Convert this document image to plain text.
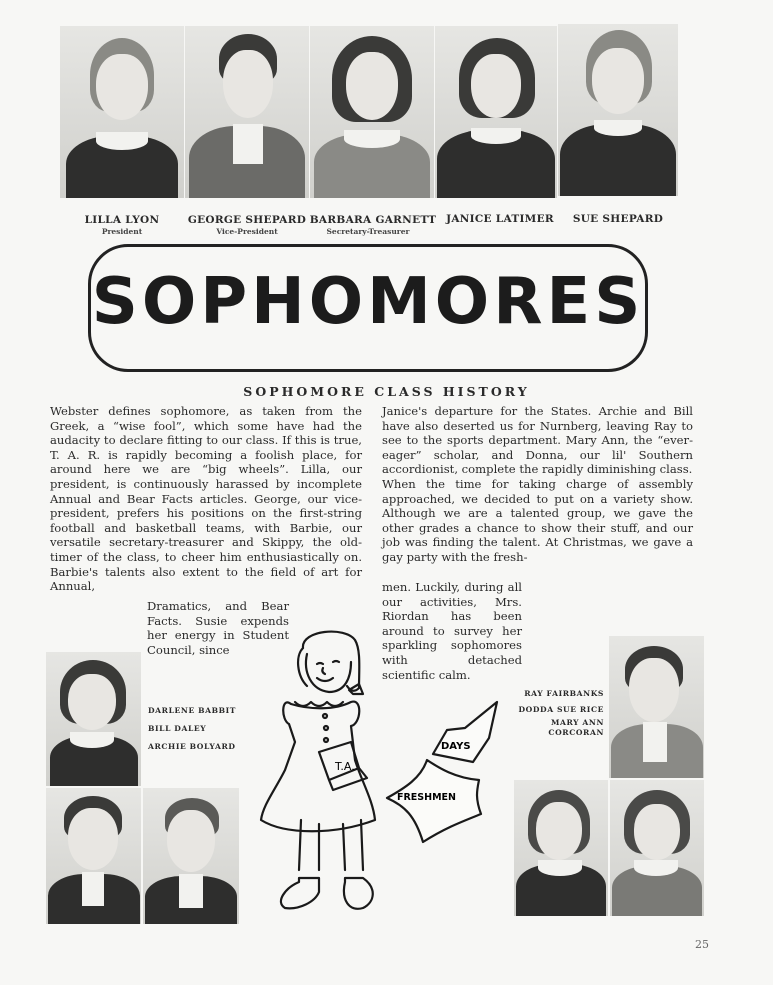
LILLA LYON
President
GEORGE SHEPARD
Vice-President
BARBARA GARNETT
Secretary-Treasurer
JANICE LATIMER	SUE SHEPARD
SOPHOMORES
SOPHOMORE CLASS HISTORY

Webster defines sophomore, as taken from the Greek, a “wise fool”, which some have had the audacity to declare fitting to our class. If this is true, T. A. R. is rapidly becoming a foolish place, for around here we are “big wheels”. Lilla, our president, is continuously harassed by incomplete Annual and Bear Facts articles. George, our vice-president, prefers his positions on the first-string football and basketball teams, with Barbie, our versatile secretary-treasurer and Skippy, the old-timer of the class, to cheer him enthusiastically on. Barbie's talents also extent to the field of art for Annual,

Dramatics, and Bear Facts. Susie expends her energy in Student Council, since

Janice's departure for the States. Archie and Bill have also deserted us for Nurnberg, leaving Ray to see to the sports department. Mary Ann, the “ever-eager” scholar, and Donna, our lil' Southern accordionist, complete the rapidly diminishing class.

When the time for taking charge of assembly approached, we decided to put on a variety show. Although we are a talented group, we gave the other grades a chance to show their stuff, and our job was finding the talent. At Christmas, we gave a gay party with the fresh-

men. Luckily, during all our activities, Mrs. Riordan has been around to survey her sparkling sophomores with detached scientific calm.

DARLENE BABBIT
BILL DALEY
ARCHIE BOLYARD
RAY FAIRBANKS
DODDA SUE RICE
MARY ANN CORCORAN
T.A.
DAYS
FRESHMEN
25
